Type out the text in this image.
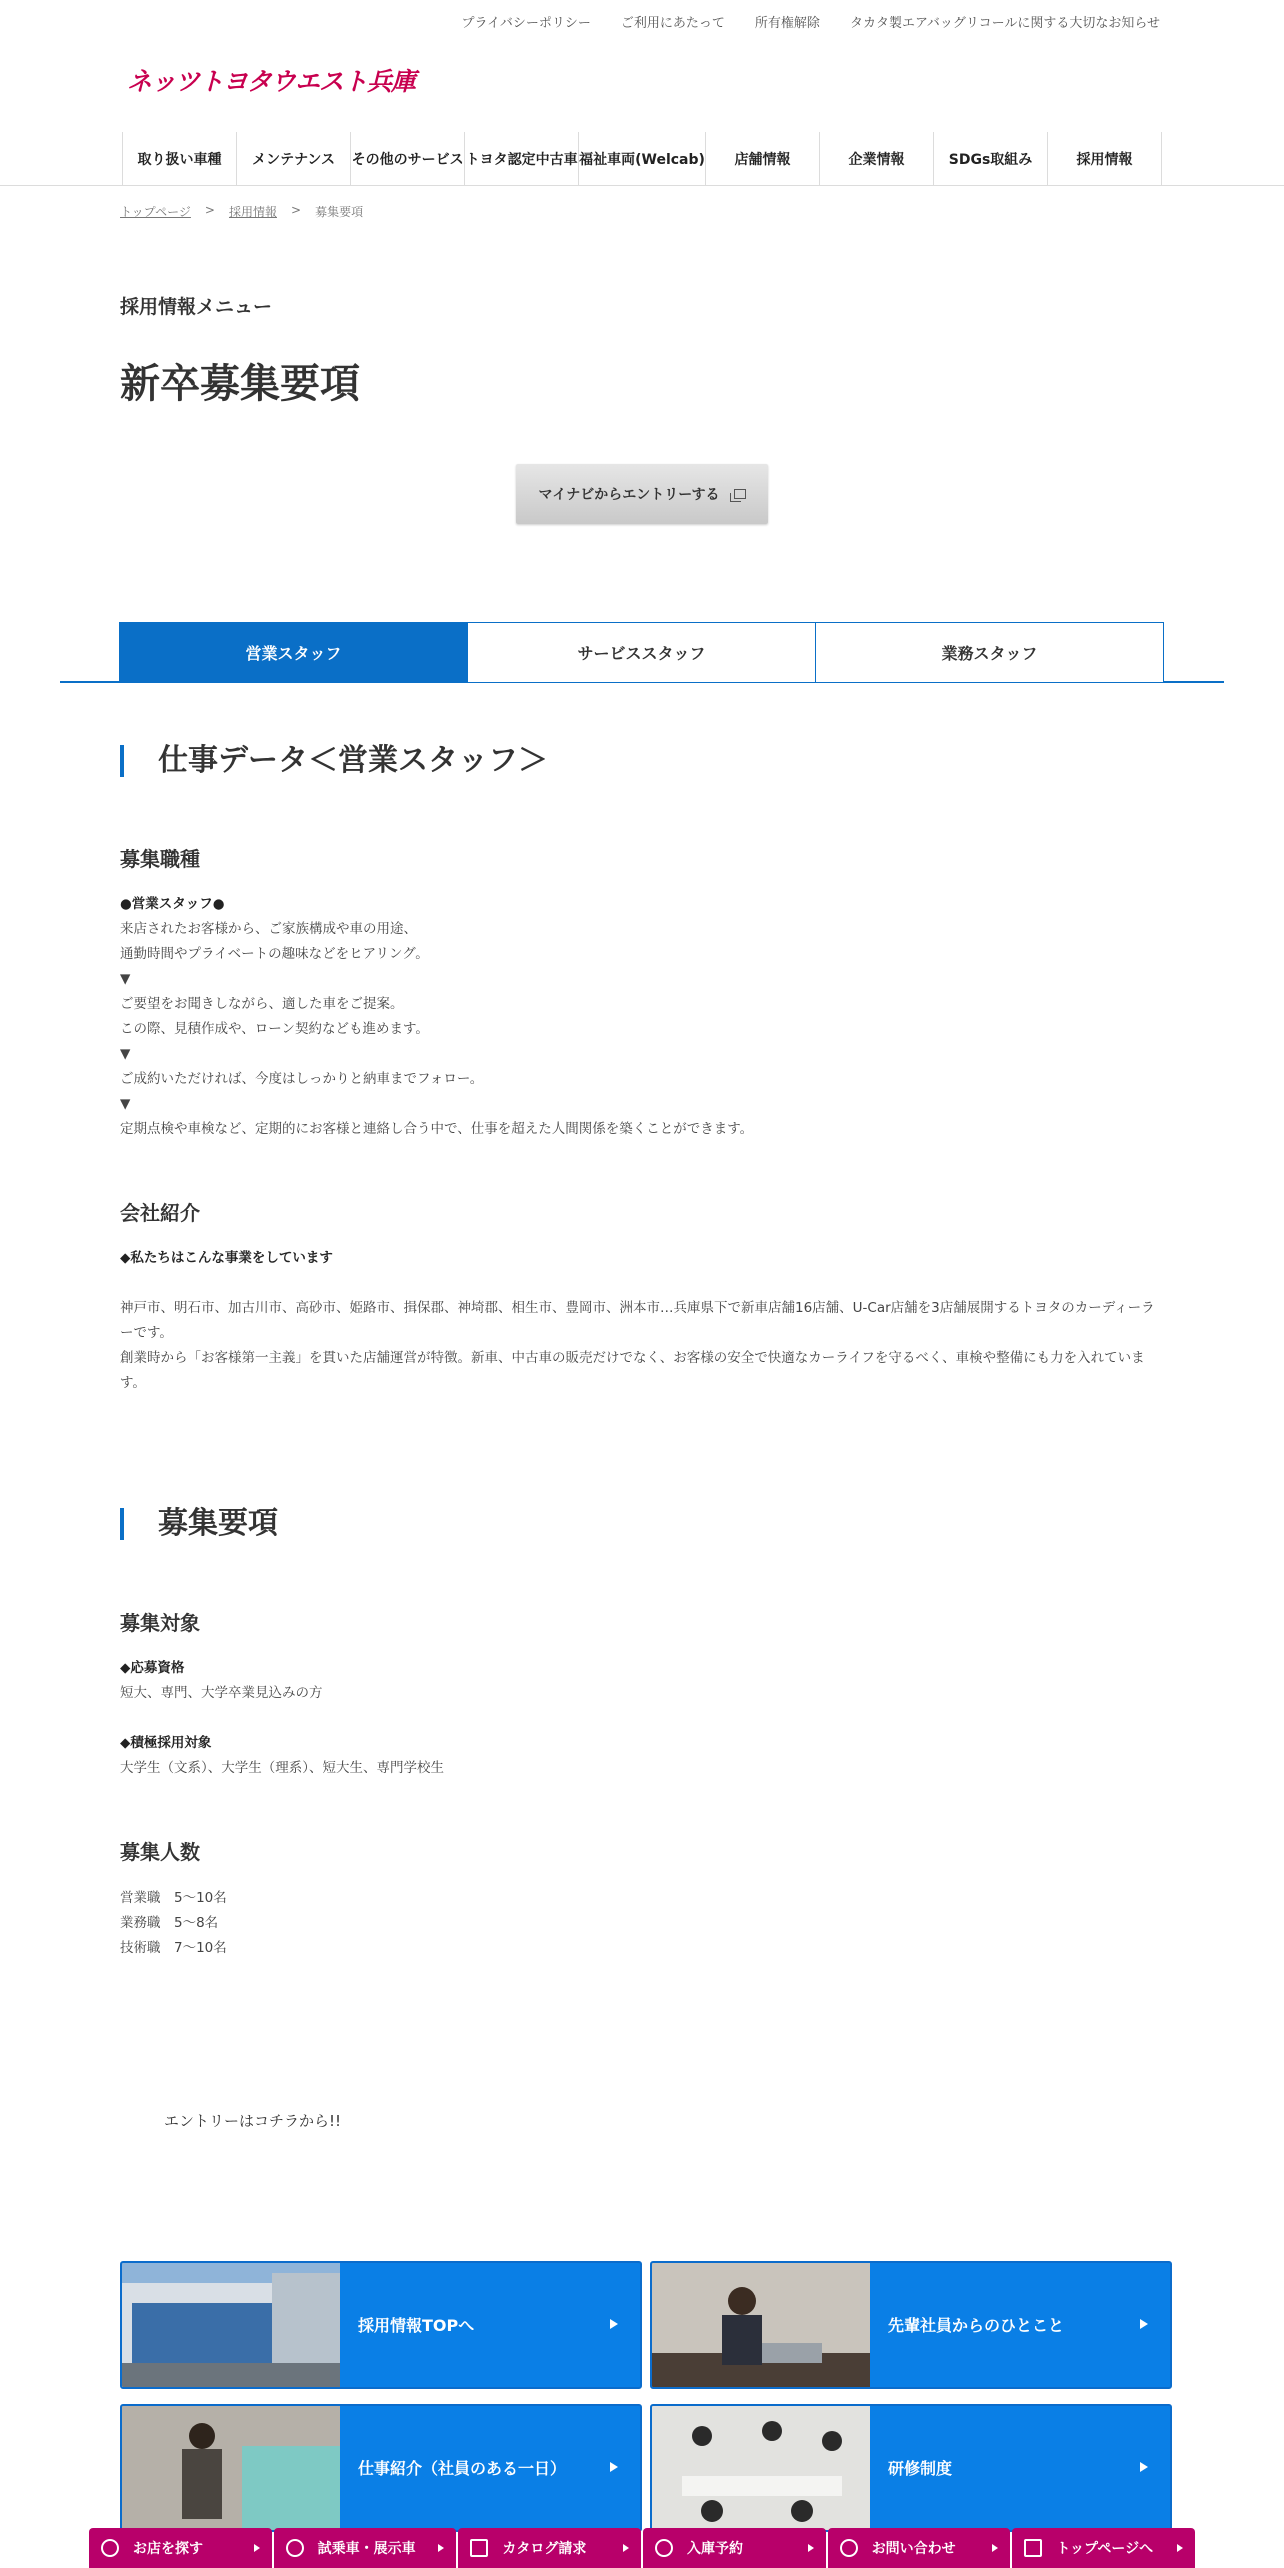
プライバシーポリシー ご利用にあたって 所有権解除 タカタ製エアバッグリコールに関する大切なお知らせ
ネッツトヨタウエスト兵庫
取り扱い車種	メンテナンス	その他のサービス トヨタ認定中古車 福祉車両(Welcab)	店舗情報	企業情報	SDGs取組み	採用情報
トップページ > 採用情報 > 募集要項
採用情報メニュー
新卒募集要項
マイナビからエントリーする
営業スタッフ	サービススタッフ	業務スタッフ
仕事データ＜営業スタッフ＞
募集職種
●営業スタッフ●
来店されたお客様から、ご家族構成や車の用途、
通勤時間やプライベートの趣味などをヒアリング。
▼
ご要望をお聞きしながら、適した車をご提案。
この際、見積作成や、ローン契約なども進めます。
▼
ご成約いただければ、今度はしっかりと納車までフォロー。
▼
定期点検や車検など、定期的にお客様と連絡し合う中で、仕事を超えた人間関係を築くことができます。
会社紹介
◆私たちはこんな事業をしています
神戸市、明石市、加古川市、高砂市、姫路市、揖保郡、神埼郡、相生市、豊岡市、洲本市…兵庫県下で新車店舗16店舗、U-Car店舗を3店舗展開するトヨタのカーディーラーです。
創業時から「お客様第一主義」を貫いた店舗運営が特徴。新車、中古車の販売だけでなく、お客様の安全で快適なカーライフを守るべく、車検や整備にも力を入れています。
募集要項
募集対象
◆応募資格
短大、専門、大学卒業見込みの方
◆積極採用対象
大学生（文系）、大学生（理系）、短大生、専門学校生
募集人数
営業職　5～10名
業務職　5～8名
技術職　7～10名
エントリーはコチラから!!
採用情報TOPへ	先輩社員からのひとこと
仕事紹介（社員のある一日）	研修制度
お店を探す	試乗車・展示車	カタログ請求	入庫予約	お問い合わせ	トップページへ
